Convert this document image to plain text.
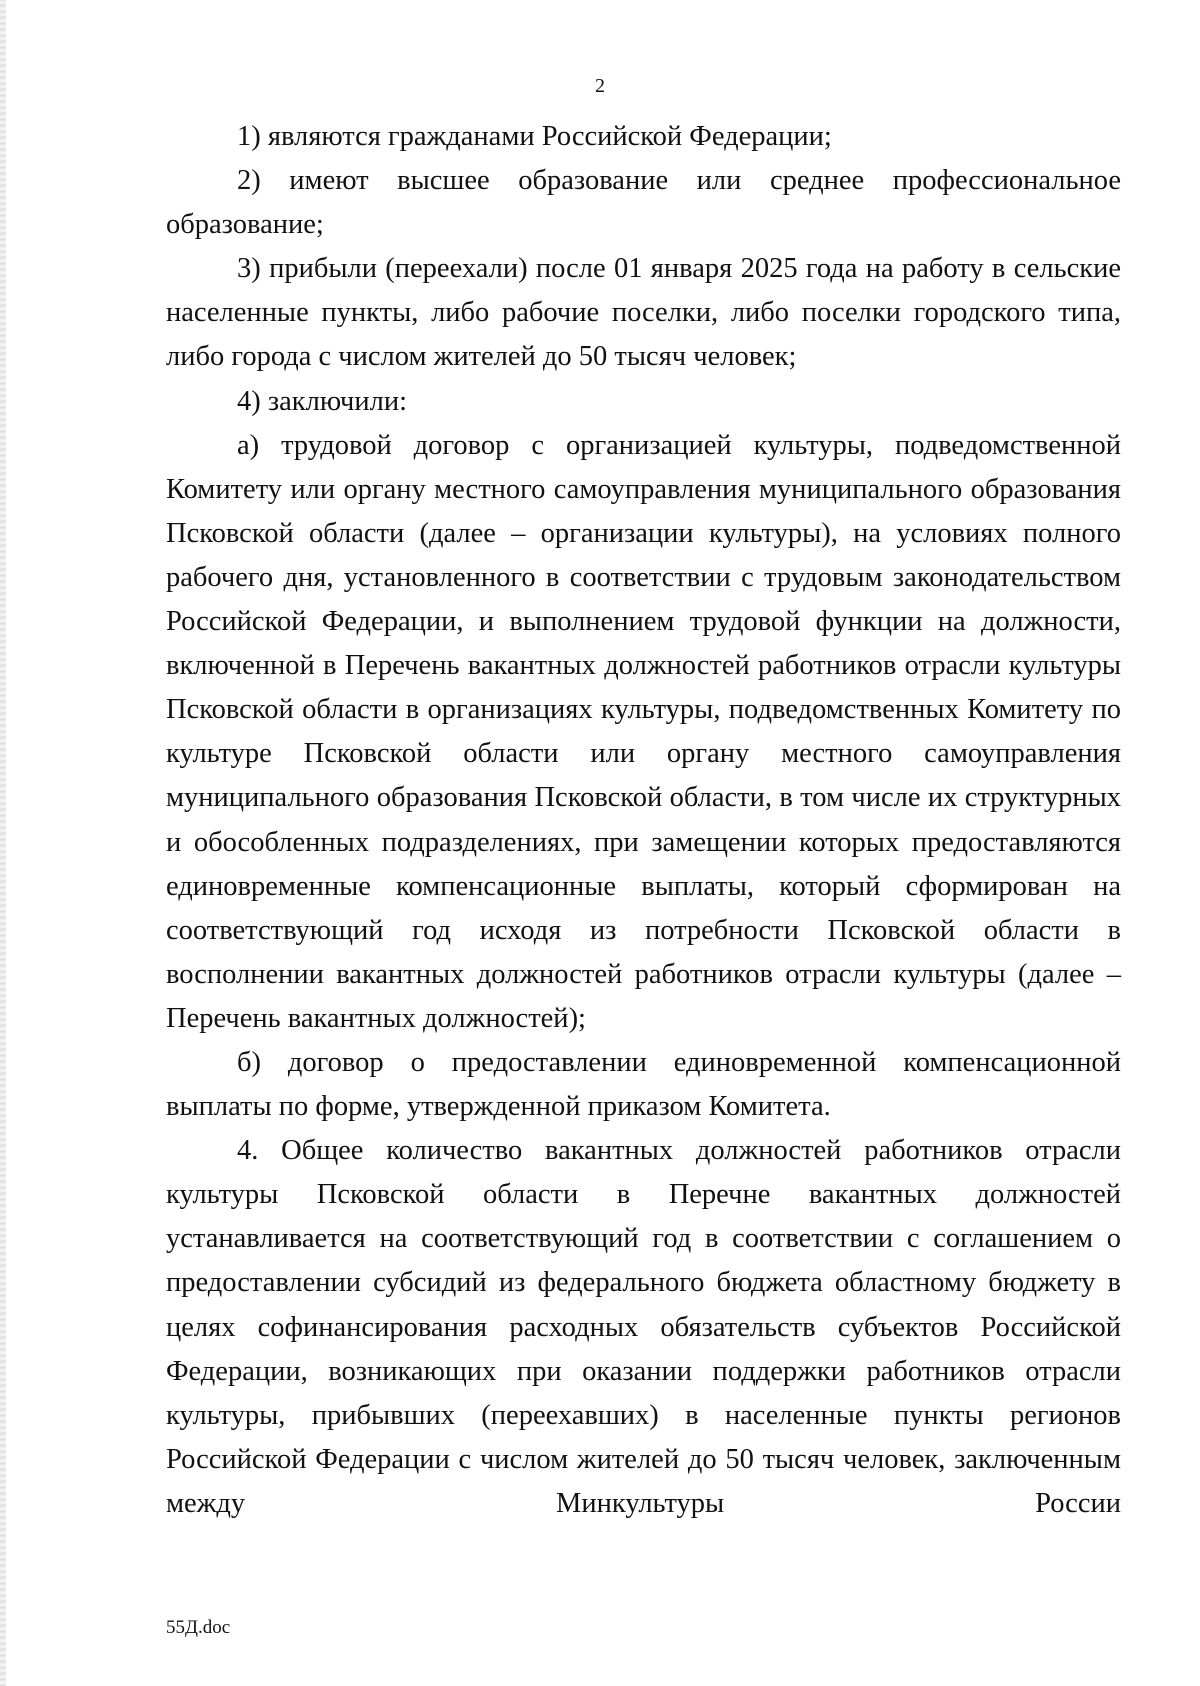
2

1) являются гражданами Российской Федерации;

2) имеют высшее образование или среднее профессиональное образование;

3) прибыли (переехали) после 01 января 2025 года на работу в сельские населенные пункты, либо рабочие поселки, либо поселки городского типа, либо города с числом жителей до 50 тысяч человек;

4) заключили:

а) трудовой договор с организацией культуры, подведомственной Комитету или органу местного самоуправления муниципального образования Псковской области (далее – организации культуры), на условиях полного рабочего дня, установленного в соответствии с трудовым законодательством Российской Федерации, и выполнением трудовой функции на должности, включенной в Перечень вакантных должностей работников отрасли культуры Псковской области в организациях культуры, подведомственных Комитету по культуре Псковской области или органу местного самоуправления муниципального образования Псковской области, в том числе их структурных и обособленных подразделениях, при замещении которых предоставляются единовременные компенсационные выплаты, который сформирован на соответствующий год исходя из потребности Псковской области в восполнении вакантных должностей работников отрасли культуры (далее – Перечень вакантных должностей);

б) договор о предоставлении единовременной компенсационной выплаты по форме, утвержденной приказом Комитета.

4. Общее количество вакантных должностей работников отрасли культуры Псковской области в Перечне вакантных должностей устанавливается на соответствующий год в соответствии с соглашением о предоставлении субсидий из федерального бюджета областному бюджету в целях софинансирования расходных обязательств субъектов Российской Федерации, возникающих при оказании поддержки работников отрасли культуры, прибывших (переехавших) в населенные пункты регионов Российской Федерации с числом жителей до 50 тысяч человек, заключенным между Минкультуры России

55Д.doc
